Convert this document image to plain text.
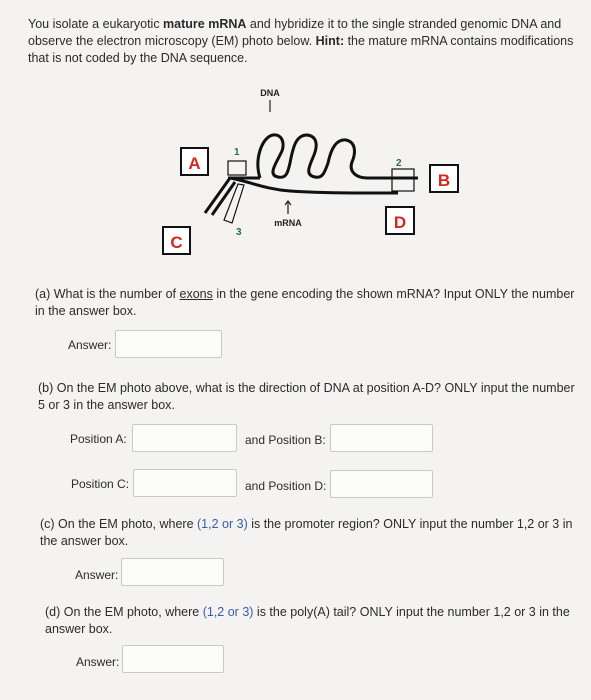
You isolate a eukaryotic mature mRNA and hybridize it to the single stranded genomic DNA and observe the electron microscopy (EM) photo below. Hint: the mature mRNA contains modifications that is not coded by the DNA sequence.
DNA
1
2
3
mRNA
A
B
C
D
(a) What is the number of exons in the gene encoding the shown mRNA? Input ONLY the number in the answer box.
Answer:
(b) On the EM photo above, what is the direction of DNA at position A-D? ONLY input the number 5 or 3 in the answer box.
Position A:	and Position B:
Position C:	and Position D:
(c) On the EM photo, where (1,2 or 3) is the promoter region? ONLY input the number 1,2 or 3 in the answer box.
Answer:
(d) On the EM photo, where (1,2 or 3) is the poly(A) tail? ONLY input the number 1,2 or 3 in the answer box.
Answer:
